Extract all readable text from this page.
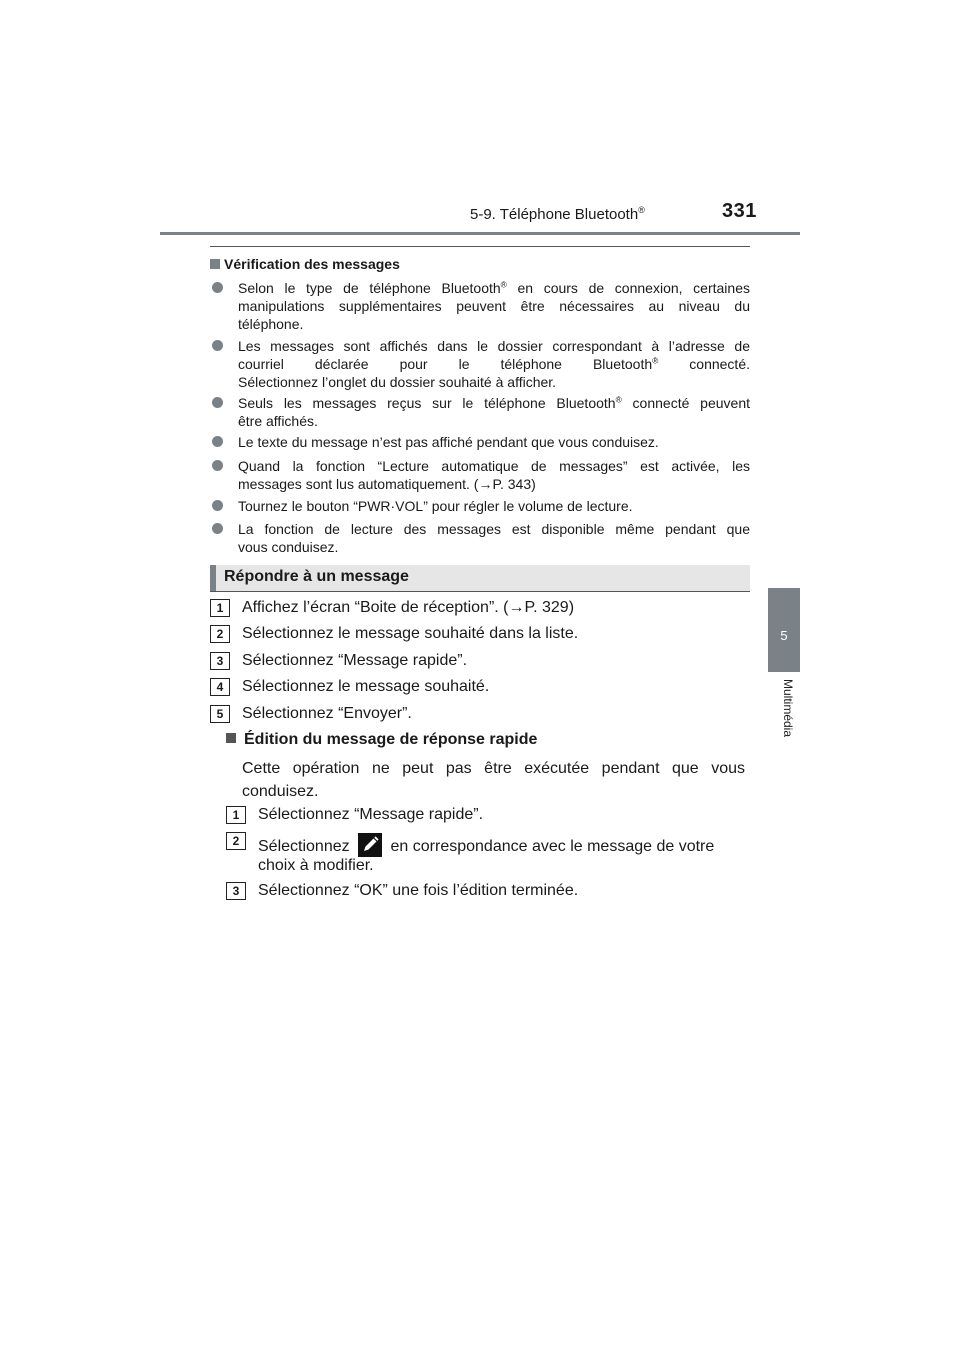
5-9. Téléphone Bluetooth®	331
5
Multimédia
Vérification des messages
Selon le type de téléphone Bluetooth® en cours de connexion, certaines
manipulations supplémentaires peuvent être nécessaires au niveau du
téléphone.
Les messages sont affichés dans le dossier correspondant à l’adresse de
courriel déclarée pour le téléphone Bluetooth® connecté.
Sélectionnez l’onglet du dossier souhaité à afficher.
Seuls les messages reçus sur le téléphone Bluetooth® connecté peuvent
être affichés.
Le texte du message n’est pas affiché pendant que vous conduisez.
Quand la fonction “Lecture automatique de messages” est activée, les
messages sont lus automatiquement. (→P. 343)
Tournez le bouton “PWR·VOL” pour régler le volume de lecture.
La fonction de lecture des messages est disponible même pendant que
vous conduisez.
Répondre à un message
1	Affichez l’écran “Boite de réception”. (→P. 329)
2	Sélectionnez le message souhaité dans la liste.
3	Sélectionnez “Message rapide”.
4	Sélectionnez le message souhaité.
5	Sélectionnez “Envoyer”.
Édition du message de réponse rapide
Cette opération ne peut pas être exécutée pendant que vous conduisez.
1	Sélectionnez “Message rapide”.
2	Sélectionnez	en correspondance avec le message de votre
choix à modifier.
3	Sélectionnez “OK” une fois l’édition terminée.
